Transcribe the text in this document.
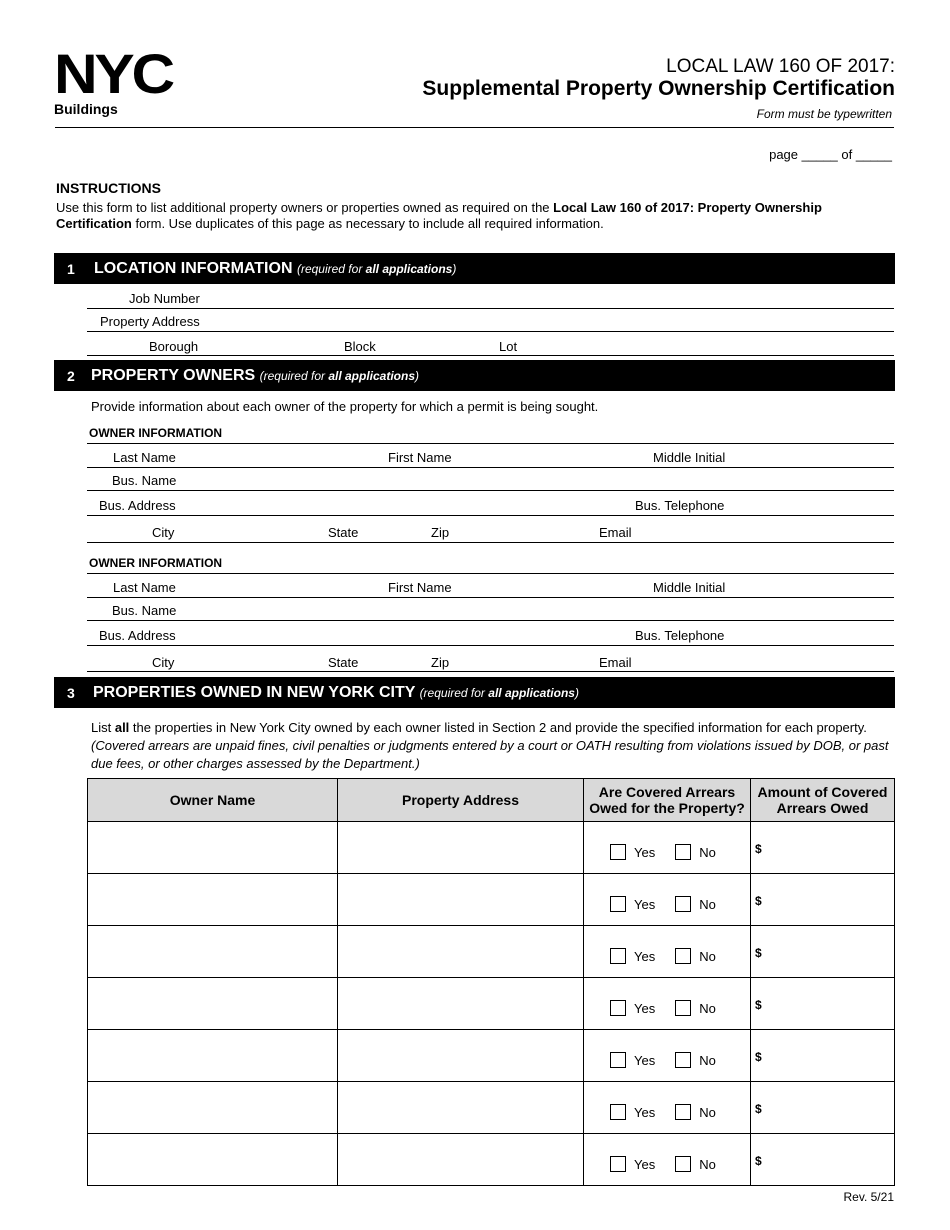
NYC
Buildings
LOCAL LAW 160 OF 2017:
Supplemental Property Ownership Certification
Form must be typewritten
page _____ of _____
INSTRUCTIONS
Use this form to list additional property owners or properties owned as required on the Local Law 160 of 2017: Property Ownership Certification form. Use duplicates of this page as necessary to include all required information.
1 LOCATION INFORMATION (required for all applications)
Job Number
Property Address
Borough	Block	Lot
2 PROPERTY OWNERS (required for all applications)
Provide information about each owner of the property for which a permit is being sought.
OWNER INFORMATION
Last Name	First Name	Middle Initial
Bus. Name
Bus. Address	Bus. Telephone
City	State	Zip	Email
OWNER INFORMATION
Last Name	First Name	Middle Initial
Bus. Name
Bus. Address	Bus. Telephone
City	State	Zip	Email
3 PROPERTIES OWNED IN NEW YORK CITY (required for all applications)
List all the properties in New York City owned by each owner listed in Section 2 and provide the specified information for each property. (Covered arrears are unpaid fines, civil penalties or judgments entered by a court or OATH resulting from violations issued by DOB, or past due fees, or other charges assessed by the Department.)
Owner Name	Property Address	Are Covered Arrears Owed for the Property?	Amount of Covered Arrears Owed

		Yes No	$

		Yes No	$

		Yes No	$

		Yes No	$

		Yes No	$

		Yes No	$

		Yes No	$
Rev. 5/21
